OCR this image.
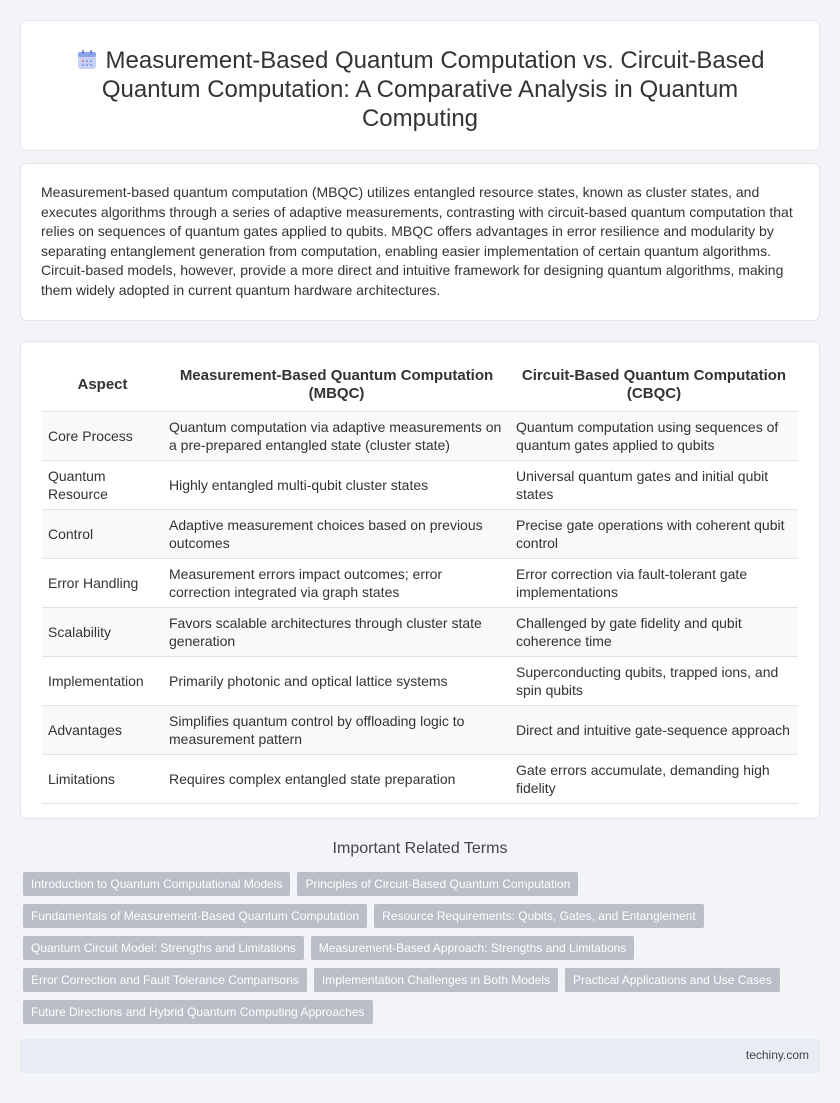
Measurement-Based Quantum Computation vs. Circuit-Based Quantum Computation: A Comparative Analysis in Quantum Computing

Measurement-based quantum computation (MBQC) utilizes entangled resource states, known as cluster states, and executes algorithms through a series of adaptive measurements, contrasting with circuit-based quantum computation that relies on sequences of quantum gates applied to qubits. MBQC offers advantages in error resilience and modularity by separating entanglement generation from computation, enabling easier implementation of certain quantum algorithms. Circuit-based models, however, provide a more direct and intuitive framework for designing quantum algorithms, making them widely adopted in current quantum hardware architectures.

Aspect	Measurement-Based Quantum Computation (MBQC)	Circuit-Based Quantum Computation (CBQC)
Core Process	Quantum computation via adaptive measurements on a pre-prepared entangled state (cluster state)	Quantum computation using sequences of quantum gates applied to qubits
Quantum Resource	Highly entangled multi-qubit cluster states	Universal quantum gates and initial qubit states
Control	Adaptive measurement choices based on previous outcomes	Precise gate operations with coherent qubit control
Error Handling	Measurement errors impact outcomes; error correction integrated via graph states	Error correction via fault-tolerant gate implementations
Scalability	Favors scalable architectures through cluster state generation	Challenged by gate fidelity and qubit coherence time
Implementation	Primarily photonic and optical lattice systems	Superconducting qubits, trapped ions, and spin qubits
Advantages	Simplifies quantum control by offloading logic to measurement pattern	Direct and intuitive gate-sequence approach
Limitations	Requires complex entangled state preparation	Gate errors accumulate, demanding high fidelity
Important Related Terms
Introduction to Quantum Computational Models	Principles of Circuit-Based Quantum Computation
Fundamentals of Measurement-Based Quantum Computation	Resource Requirements: Qubits, Gates, and Entanglement
Quantum Circuit Model: Strengths and Limitations	Measurement-Based Approach: Strengths and Limitations
Error Correction and Fault Tolerance Comparisons	Implementation Challenges in Both Models	Practical Applications and Use Cases
Future Directions and Hybrid Quantum Computing Approaches
techiny.com
